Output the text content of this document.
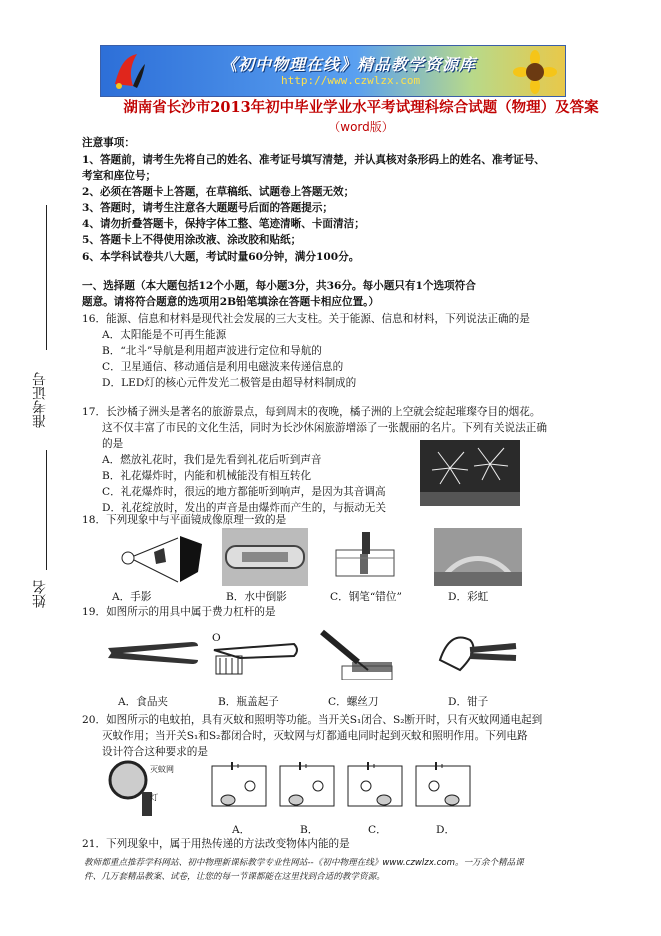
《初中物理在线》精品教学资源库
http://www.czwlzx.com
湖南省长沙市2013年初中毕业学业水平考试理科综合试题（物理）及答案
（word版）
准考证号
姓名
注意事项：
1、答题前，请考生先将自己的姓名、准考证号填写清楚，并认真核对条形码上的姓名、准考证号、
考室和座位号；
2、必须在答题卡上答题，在草稿纸、试题卷上答题无效；
3、答题时，请考生注意各大题题号后面的答题提示；
4、请勿折叠答题卡，保持字体工整、笔迹清晰、卡面清洁；
5、答题卡上不得使用涂改液、涂改胶和贴纸；
6、本学科试卷共八大题，考试时量60分钟，满分100分。
一、选择题（本大题包括12个小题，每小题3分，共36分。每小题只有1个选项符合
题意。请将符合题意的选项用2B铅笔填涂在答题卡相应位置。）
16．能源、信息和材料是现代社会发展的三大支柱。关于能源、信息和材料，下列说法正确的是
A．太阳能是不可再生能源
B．“北斗”导航是利用超声波进行定位和导航的
C．卫星通信、移动通信是利用电磁波来传递信息的
D．LED灯的核心元件发光二极管是由超导材料制成的
17．长沙橘子洲头是著名的旅游景点，每到周末的夜晚，橘子洲的上空就会绽起璀璨夺目的烟花。
这不仅丰富了市民的文化生活，同时为长沙休闲旅游增添了一张靓丽的名片。下列有关说法正确
的是
A．燃放礼花时，我们是先看到礼花后听到声音
B．礼花爆炸时，内能和机械能没有相互转化
C．礼花爆炸时，很远的地方都能听到响声，是因为其音调高
D．礼花绽放时，发出的声音是由爆炸而产生的，与振动无关
18．下列现象中与平面镜成像原理一致的是
A．手影	B．水中倒影	C．钢笔“错位”	D．彩虹
19．如图所示的用具中属于费力杠杆的是
O
A．食品夹	B．瓶盖起子	C．螺丝刀	D．钳子
20．如图所示的电蚊拍，具有灭蚊和照明等功能。当开关S₁闭合、S₂断开时，只有灭蚊网通电起到
灭蚊作用；当开关S₁和S₂都闭合时，灭蚊网与灯都通电同时起到灭蚊和照明作用。下列电路
设计符合这种要求的是
灭蚊网
灯
A．	B．	C．	D．
21．下列现象中，属于用热传递的方法改变物体内能的是
教师都重点推荐学科网站、初中物理新课标教学专业性网站--《初中物理在线》www.czwlzx.com。一万余个精品课
件、几万套精品教案、试卷，让您的每一节课都能在这里找到合适的教学资源。
